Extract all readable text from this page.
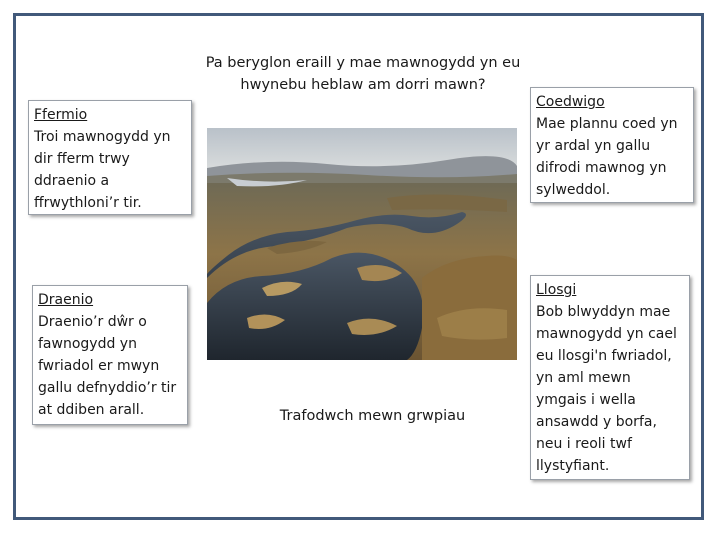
Pa beryglon eraill y mae mawnogydd yn eu
hwynebu heblaw am dorri mawn?
Ffermio
Troi mawnogydd yn dir fferm trwy ddraenio a ffrwythloni’r tir.
Draenio
Draenio’r dŵr o fawnogydd yn fwriadol er mwyn gallu defnyddio’r tir at ddiben arall.
Coedwigo
Mae plannu coed yn yr ardal yn gallu difrodi mawnog yn sylweddol.
Llosgi
Bob blwyddyn mae mawnogydd yn cael eu llosgi'n fwriadol, yn aml mewn ymgais i wella ansawdd y borfa, neu i reoli twf llystyfiant.
Trafodwch mewn grwpiau
